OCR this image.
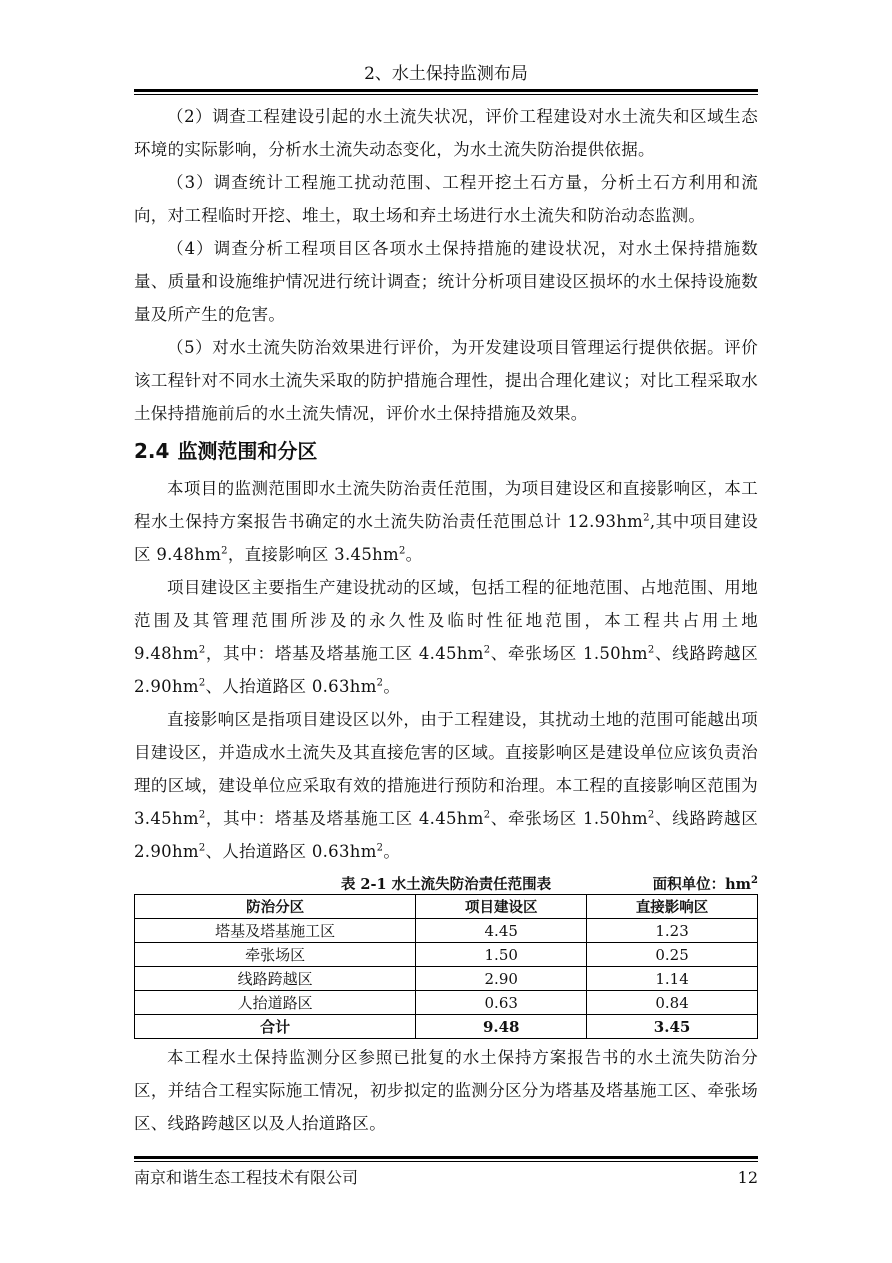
2、水土保持监测布局

（2）调查工程建设引起的水土流失状况，评价工程建设对水土流失和区域生态环境的实际影响，分析水土流失动态变化，为水土流失防治提供依据。

（3）调查统计工程施工扰动范围、工程开挖土石方量，分析土石方利用和流向，对工程临时开挖、堆土，取土场和弃土场进行水土流失和防治动态监测。

（4）调查分析工程项目区各项水土保持措施的建设状况，对水土保持措施数量、质量和设施维护情况进行统计调查；统计分析项目建设区损坏的水土保持设施数量及所产生的危害。

（5）对水土流失防治效果进行评价，为开发建设项目管理运行提供依据。评价该工程针对不同水土流失采取的防护措施合理性，提出合理化建议；对比工程采取水土保持措施前后的水土流失情况，评价水土保持措施及效果。

2.4 监测范围和分区

本项目的监测范围即水土流失防治责任范围，为项目建设区和直接影响区，本工程水土保持方案报告书确定的水土流失防治责任范围总计 $12.93hm^2$,其中项目建设区 $9.48hm^2$，直接影响区 $3.45hm^2$。

项目建设区主要指生产建设扰动的区域，包括工程的征地范围、占地范围、用地范围及其管理范围所涉及的永久性及临时性征地范围，本工程共占用土地$9.48hm^2$，其中：塔基及塔基施工区 $4.45hm^2$、牵张场区 $1.50hm^2$、线路跨越区 $2.90hm^2$、人抬道路区 $0.63hm^2$。

直接影响区是指项目建设区以外，由于工程建设，其扰动土地的范围可能越出项目建设区，并造成水土流失及其直接危害的区域。直接影响区是建设单位应该负责治理的区域，建设单位应采取有效的措施进行预防和治理。本工程的直接影响区范围为 $3.45hm^2$，其中：塔基及塔基施工区 $4.45hm^2$、牵张场区 $1.50hm^2$、线路跨越区 $2.90hm^2$、人抬道路区 $0.63hm^2$。

表 2-1 水土流失防治责任范围表	面积单位：$hm^2$
防治分区	项目建设区	直接影响区
塔基及塔基施工区	4.45	1.23
牵张场区	1.50	0.25
线路跨越区	2.90	1.14
人抬道路区	0.63	0.84
合计	9.48	3.45

本工程水土保持监测分区参照已批复的水土保持方案报告书的水土流失防治分区，并结合工程实际施工情况，初步拟定的监测分区分为塔基及塔基施工区、牵张场区、线路跨越区以及人抬道路区。

南京和谐生态工程技术有限公司	12
